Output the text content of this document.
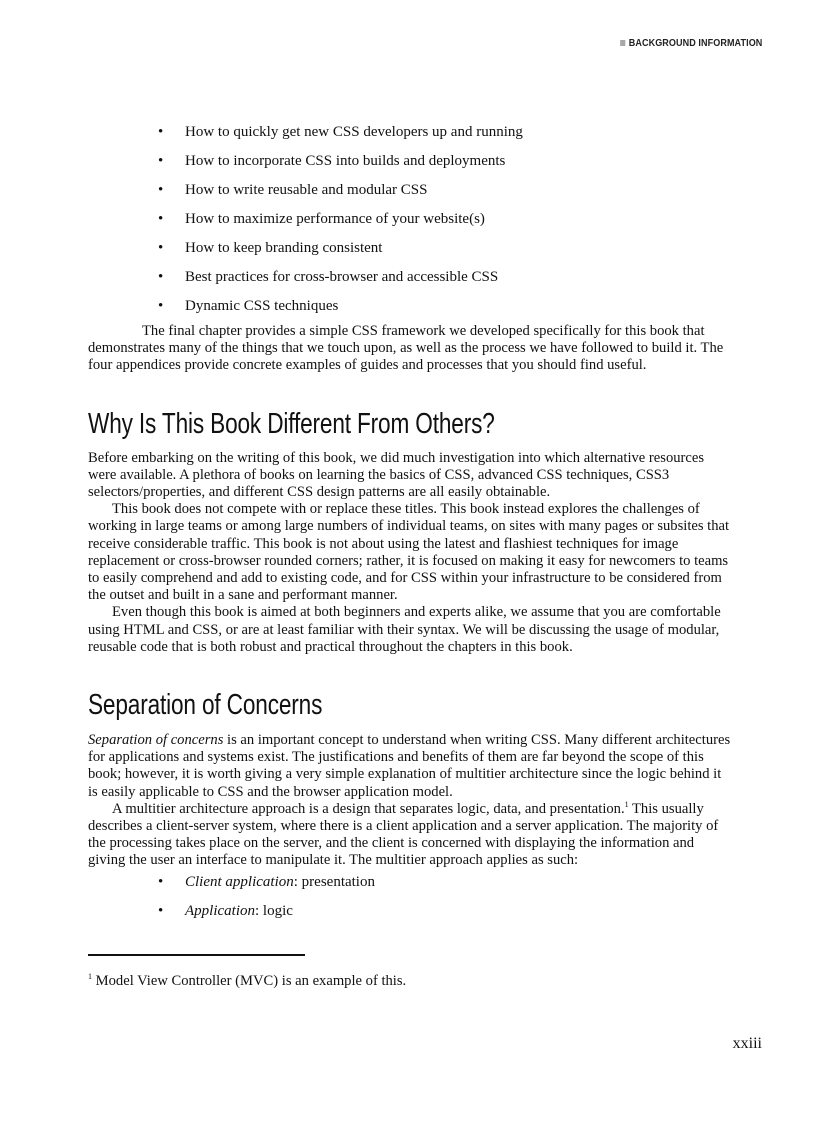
BACKGROUND INFORMATION
• How to quickly get new CSS developers up and running
• How to incorporate CSS into builds and deployments
• How to write reusable and modular CSS
• How to maximize performance of your website(s)
• How to keep branding consistent
• Best practices for cross-browser and accessible CSS
• Dynamic CSS techniques

The final chapter provides a simple CSS framework we developed specifically for this book that demonstrates many of the things that we touch upon, as well as the process we have followed to build it. The four appendices provide concrete examples of guides and processes that you should find useful.

Why Is This Book Different From Others?

Before embarking on the writing of this book, we did much investigation into which alternative resources were available. A plethora of books on learning the basics of CSS, advanced CSS techniques, CSS3 selectors/properties, and different CSS design patterns are all easily obtainable.

This book does not compete with or replace these titles. This book instead explores the challenges of working in large teams or among large numbers of individual teams, on sites with many pages or subsites that receive considerable traffic. This book is not about using the latest and flashiest techniques for image replacement or cross-browser rounded corners; rather, it is focused on making it easy for newcomers to teams to easily comprehend and add to existing code, and for CSS within your infrastructure to be considered from the outset and built in a sane and performant manner.

Even though this book is aimed at both beginners and experts alike, we assume that you are comfortable using HTML and CSS, or are at least familiar with their syntax. We will be discussing the usage of modular, reusable code that is both robust and practical throughout the chapters in this book.

Separation of Concerns

Separation of concerns is an important concept to understand when writing CSS. Many different architectures for applications and systems exist. The justifications and benefits of them are far beyond the scope of this book; however, it is worth giving a very simple explanation of multitier architecture since the logic behind it is easily applicable to CSS and the browser application model.

A multitier architecture approach is a design that separates logic, data, and presentation.$^1$ This usually describes a client-server system, where there is a client application and a server application. The majority of the processing takes place on the server, and the client is concerned with displaying the information and giving the user an interface to manipulate it. The multitier approach applies as such:

• Client application: presentation
• Application: logic
$^1$ Model View Controller (MVC) is an example of this.
xxiii
